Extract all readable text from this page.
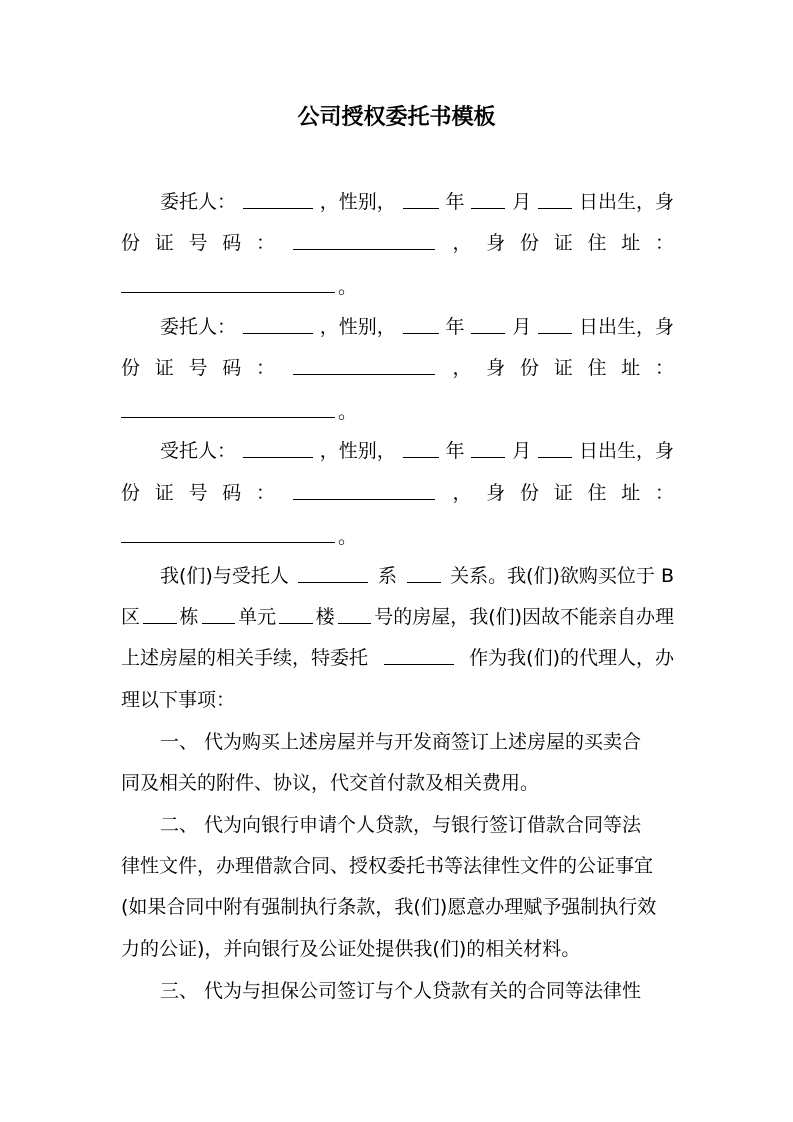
公司授权委托书模板
委托人：	，性别，	年	月	日出生，身
份 证 号 码 ：	， 身 份 证 住 址 ：
。
委托人：	，性别，	年	月	日出生，身
份 证 号 码 ：	， 身 份 证 住 址 ：
。
受托人：	，性别，	年	月	日出生，身
份 证 号 码 ：	， 身 份 证 住 址 ：
。
我(们)与受托人	系	关系。我(们)欲购买位于 B
区 栋 单元 楼 号的房屋，我(们)因故不能亲自办理
上述房屋的相关手续，特委托	作为我(们)的代理人，办
理以下事项：
一、 代为购买上述房屋并与开发商签订上述房屋的买卖合
同及相关的附件、协议，代交首付款及相关费用。
二、 代为向银行申请个人贷款，与银行签订借款合同等法
律性文件，办理借款合同、授权委托书等法律性文件的公证事宜
(如果合同中附有强制执行条款，我(们)愿意办理赋予强制执行效
力的公证)，并向银行及公证处提供我(们)的相关材料。
三、 代为与担保公司签订与个人贷款有关的合同等法律性
